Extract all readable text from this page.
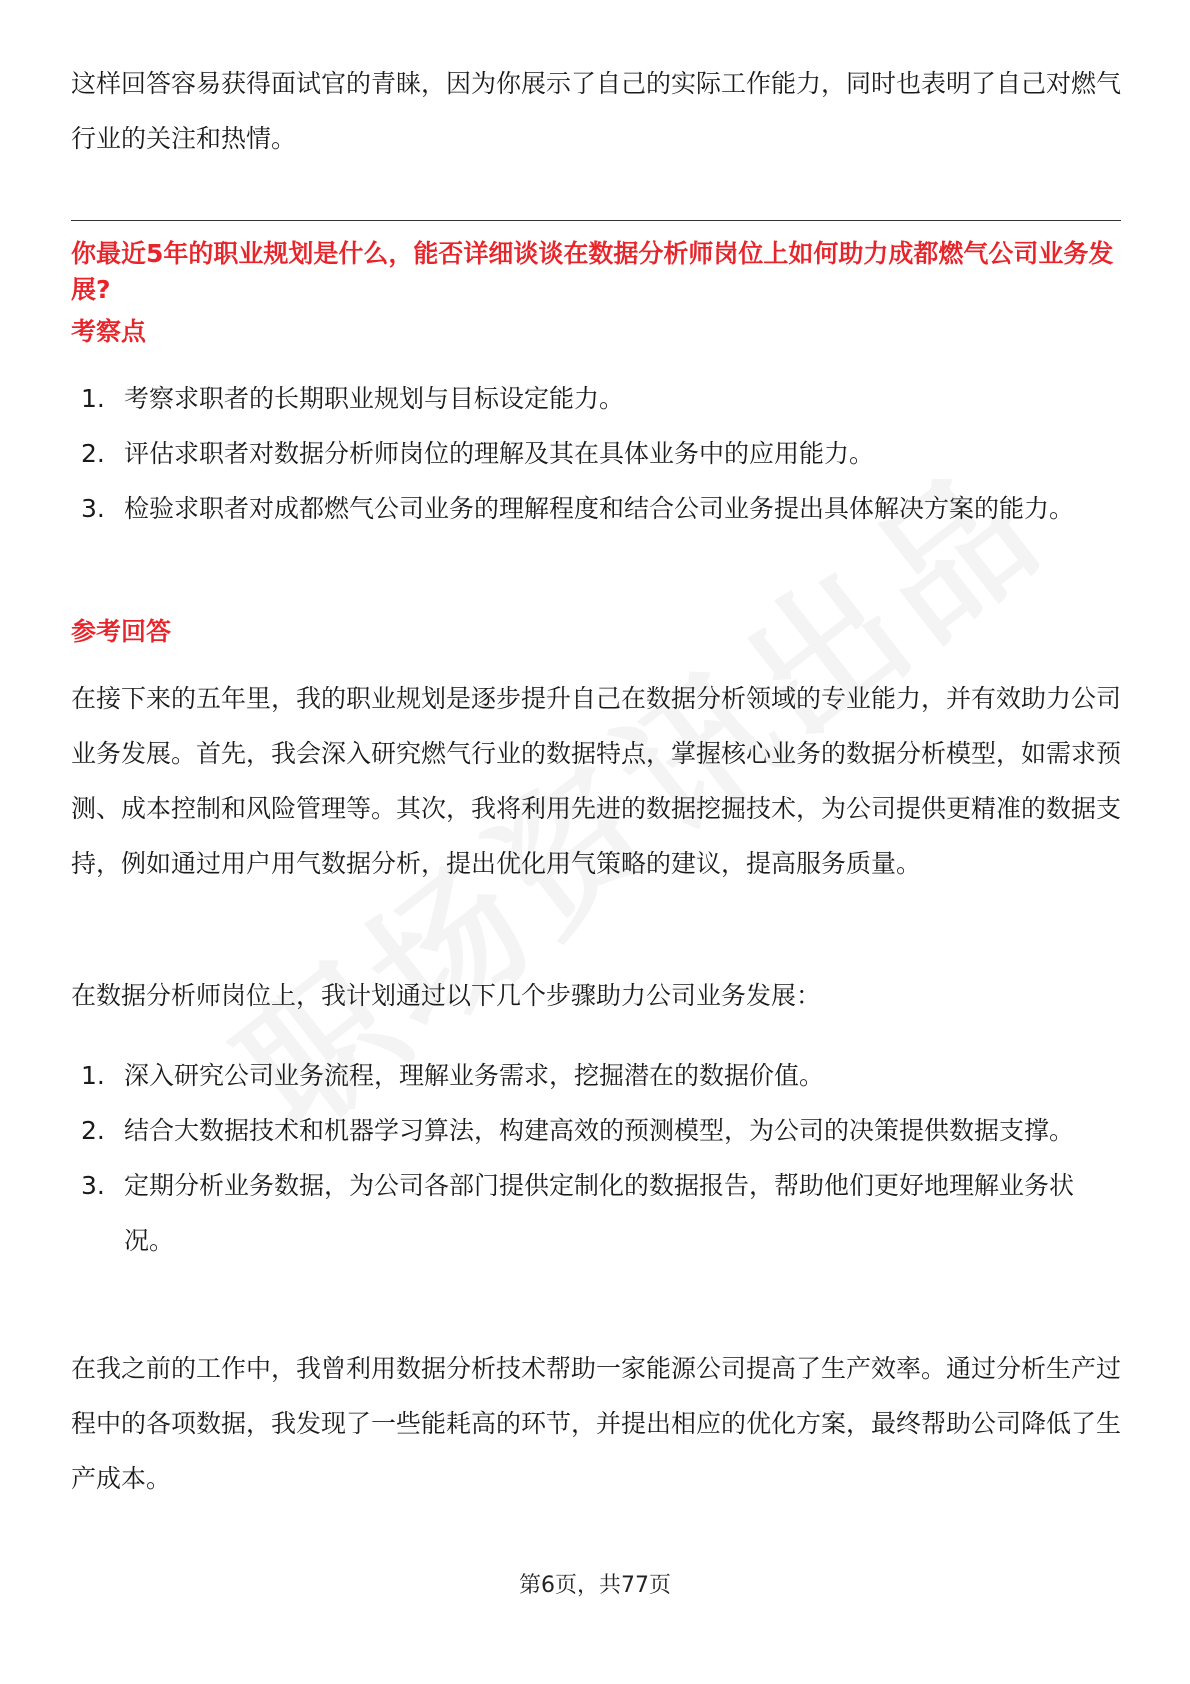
这样回答容易获得面试官的青睐，因为你展示了自己的实际工作能力，同时也表明了自己对燃气行业的关注和热情。

你最近5年的职业规划是什么，能否详细谈谈在数据分析师岗位上如何助力成都燃气公司业务发展?
考察点
1. 考察求职者的长期职业规划与目标设定能力。
2. 评估求职者对数据分析师岗位的理解及其在具体业务中的应用能力。
3. 检验求职者对成都燃气公司业务的理解程度和结合公司业务提出具体解决方案的能力。
参考回答

在接下来的五年里，我的职业规划是逐步提升自己在数据分析领域的专业能力，并有效助力公司业务发展。首先，我会深入研究燃气行业的数据特点，掌握核心业务的数据分析模型，如需求预测、成本控制和风险管理等。其次，我将利用先进的数据挖掘技术，为公司提供更精准的数据支持，例如通过用户用气数据分析，提出优化用气策略的建议，提高服务质量。

在数据分析师岗位上，我计划通过以下几个步骤助力公司业务发展：

1. 深入研究公司业务流程，理解业务需求，挖掘潜在的数据价值。
2. 结合大数据技术和机器学习算法，构建高效的预测模型，为公司的决策提供数据支撑。
3. 定期分析业务数据，为公司各部门提供定制化的数据报告，帮助他们更好地理解业务状况。

在我之前的工作中，我曾利用数据分析技术帮助一家能源公司提高了生产效率。通过分析生产过程中的各项数据，我发现了一些能耗高的环节，并提出相应的优化方案，最终帮助公司降低了生产成本。

第6页，共77页
